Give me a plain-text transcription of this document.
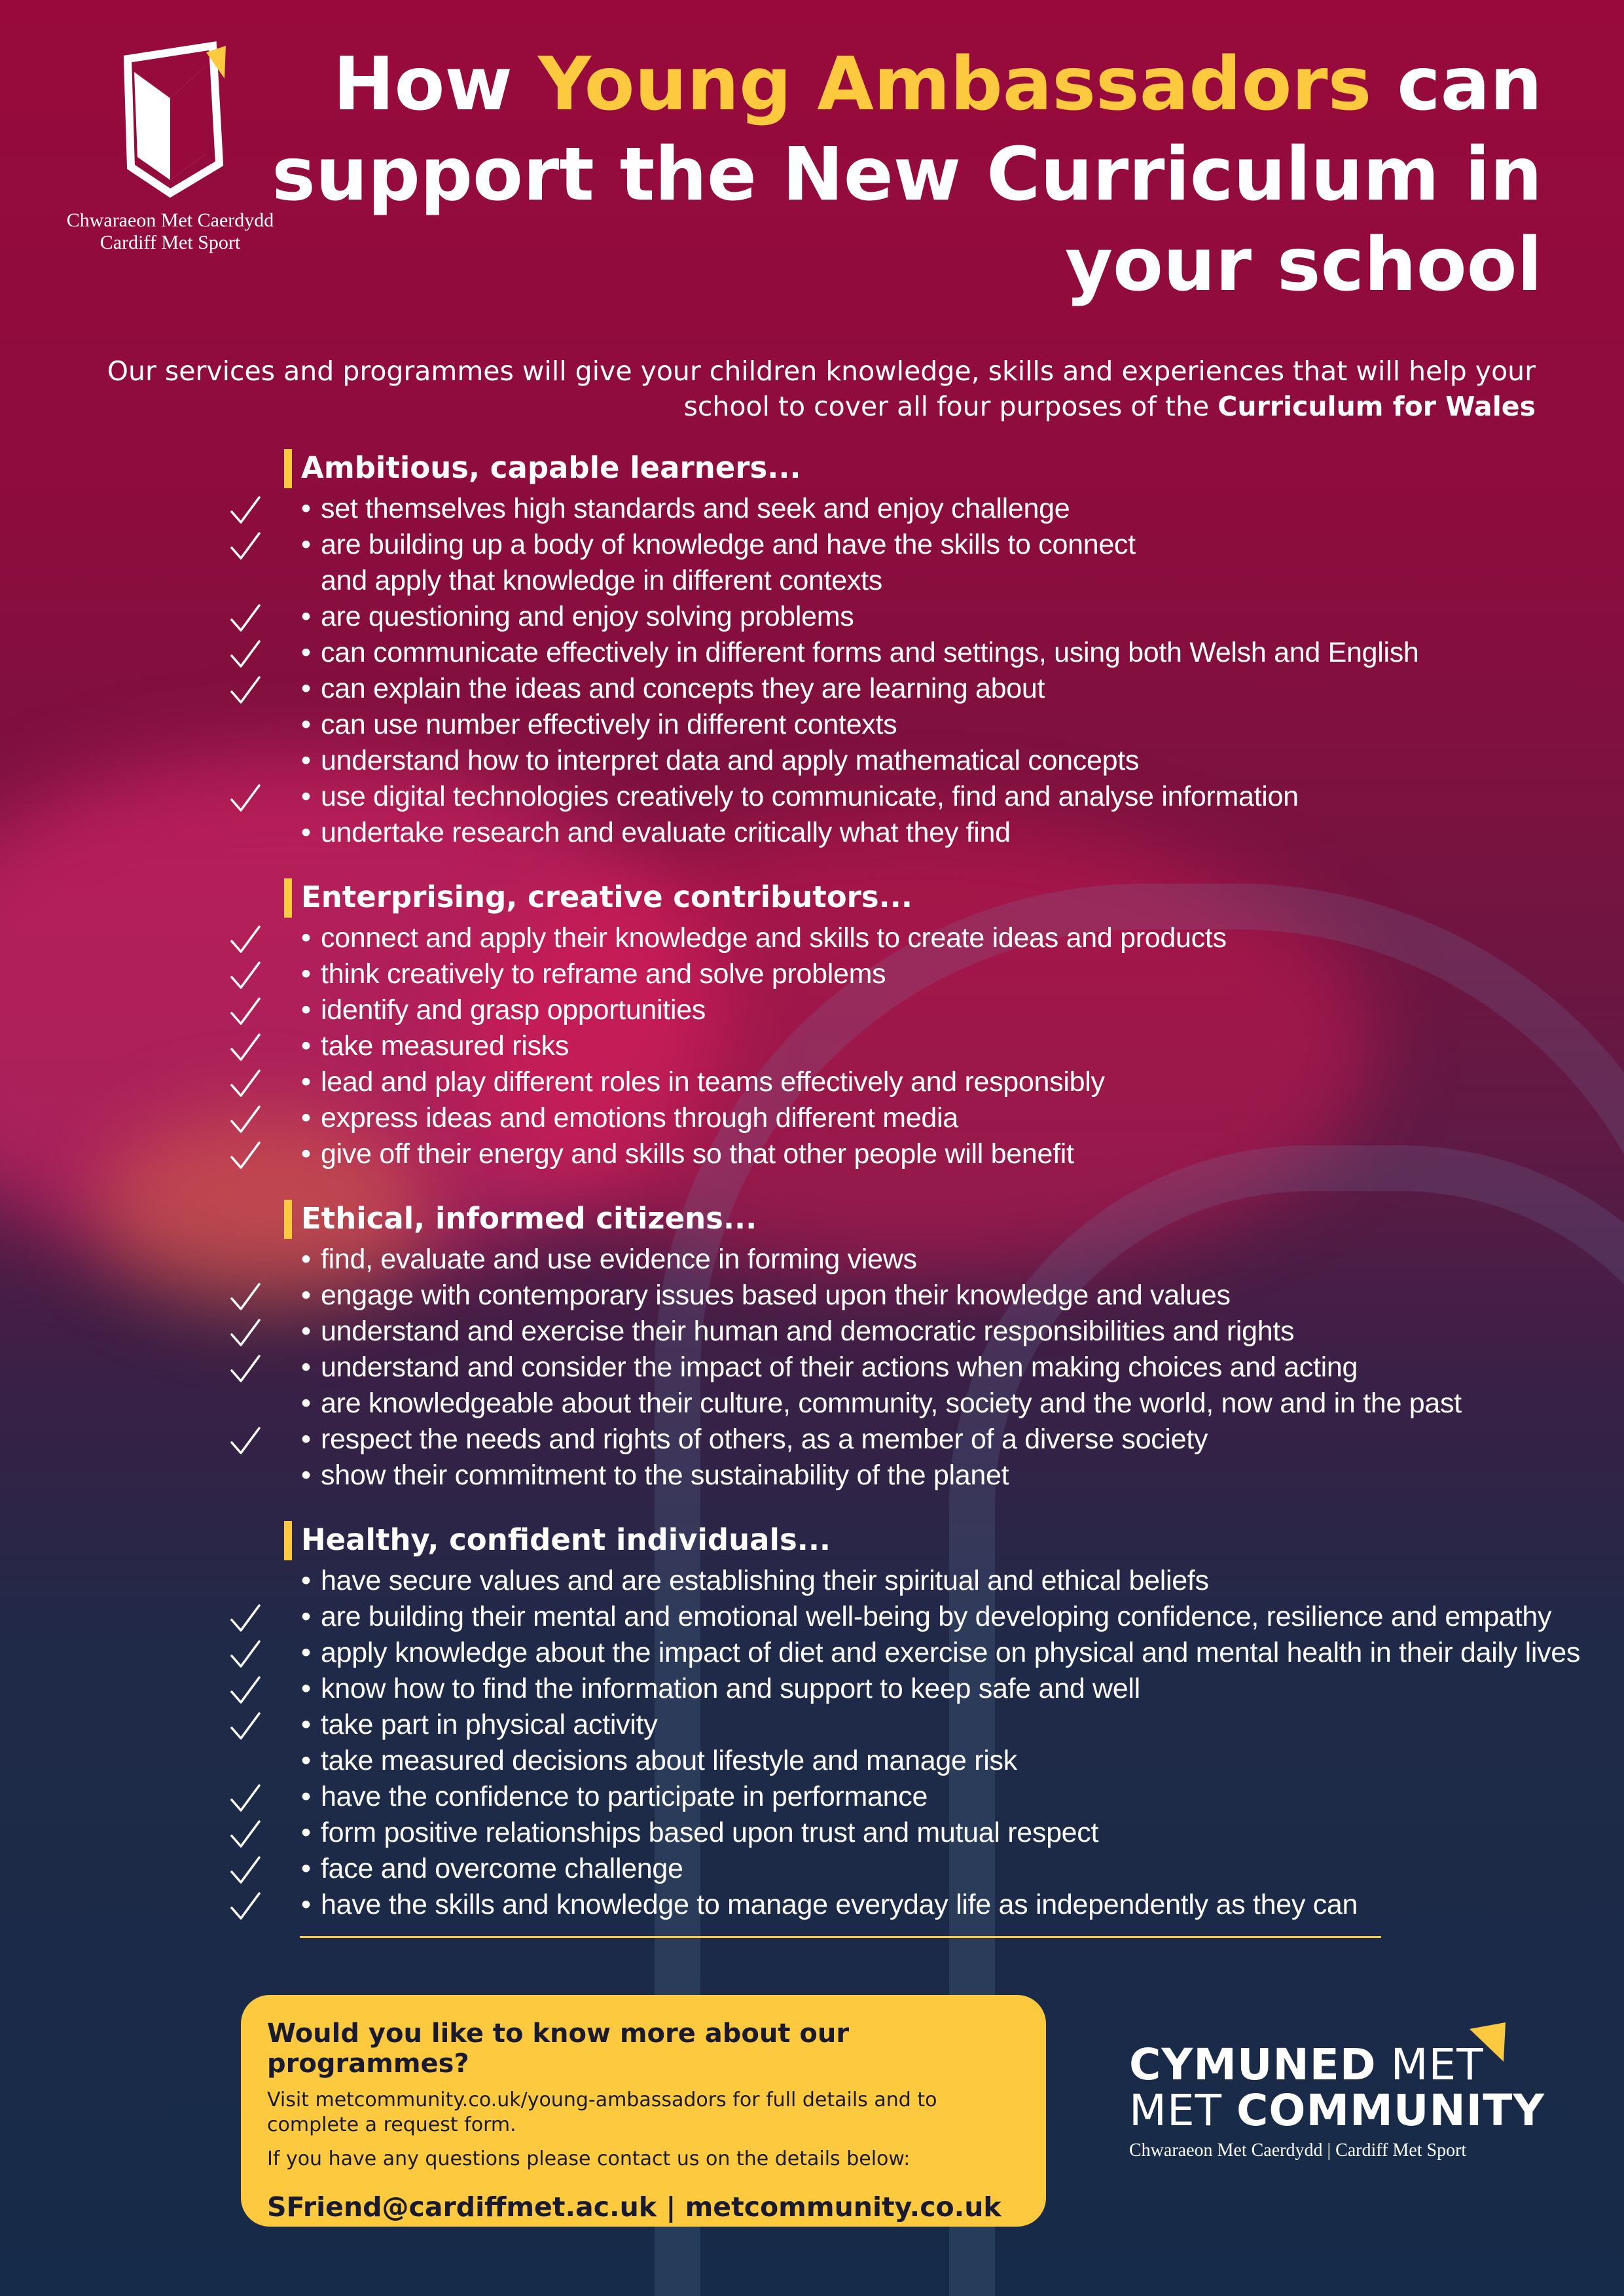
Chwaraeon Met Caerdydd
Cardiff Met Sport
How Young Ambassadors can support the New Curriculum in your school
Our services and programmes will give your children knowledge, skills and experiences that will help your school to cover all four purposes of the Curriculum for Wales
Ambitious, capable learners...
• set themselves high standards and seek and enjoy challenge
• are building up a body of knowledge and have the skills to connect and apply that knowledge in different contexts
• are questioning and enjoy solving problems
• can communicate effectively in different forms and settings, using both Welsh and English
• can explain the ideas and concepts they are learning about
• can use number effectively in different contexts
• understand how to interpret data and apply mathematical concepts
• use digital technologies creatively to communicate, find and analyse information
• undertake research and evaluate critically what they find
Enterprising, creative contributors...
• connect and apply their knowledge and skills to create ideas and products
• think creatively to reframe and solve problems
• identify and grasp opportunities
• take measured risks
• lead and play different roles in teams effectively and responsibly
• express ideas and emotions through different media
• give off their energy and skills so that other people will benefit
Ethical, informed citizens...
• find, evaluate and use evidence in forming views
• engage with contemporary issues based upon their knowledge and values
• understand and exercise their human and democratic responsibilities and rights
• understand and consider the impact of their actions when making choices and acting
• are knowledgeable about their culture, community, society and the world, now and in the past
• respect the needs and rights of others, as a member of a diverse society
• show their commitment to the sustainability of the planet
Healthy, confident individuals...
• have secure values and are establishing their spiritual and ethical beliefs
• are building their mental and emotional well-being by developing confidence, resilience and empathy
• apply knowledge about the impact of diet and exercise on physical and mental health in their daily lives
• know how to find the information and support to keep safe and well
• take part in physical activity
• take measured decisions about lifestyle and manage risk
• have the confidence to participate in performance
• form positive relationships based upon trust and mutual respect
• face and overcome challenge
• have the skills and knowledge to manage everyday life as independently as they can
Would you like to know more about our programmes?
Visit metcommunity.co.uk/young-ambassadors for full details and to complete a request form.
If you have any questions please contact us on the details below:
SFriend@cardiffmet.ac.uk | metcommunity.co.uk
CYMUNED MET
MET COMMUNITY
Chwaraeon Met Caerdydd | Cardiff Met Sport
